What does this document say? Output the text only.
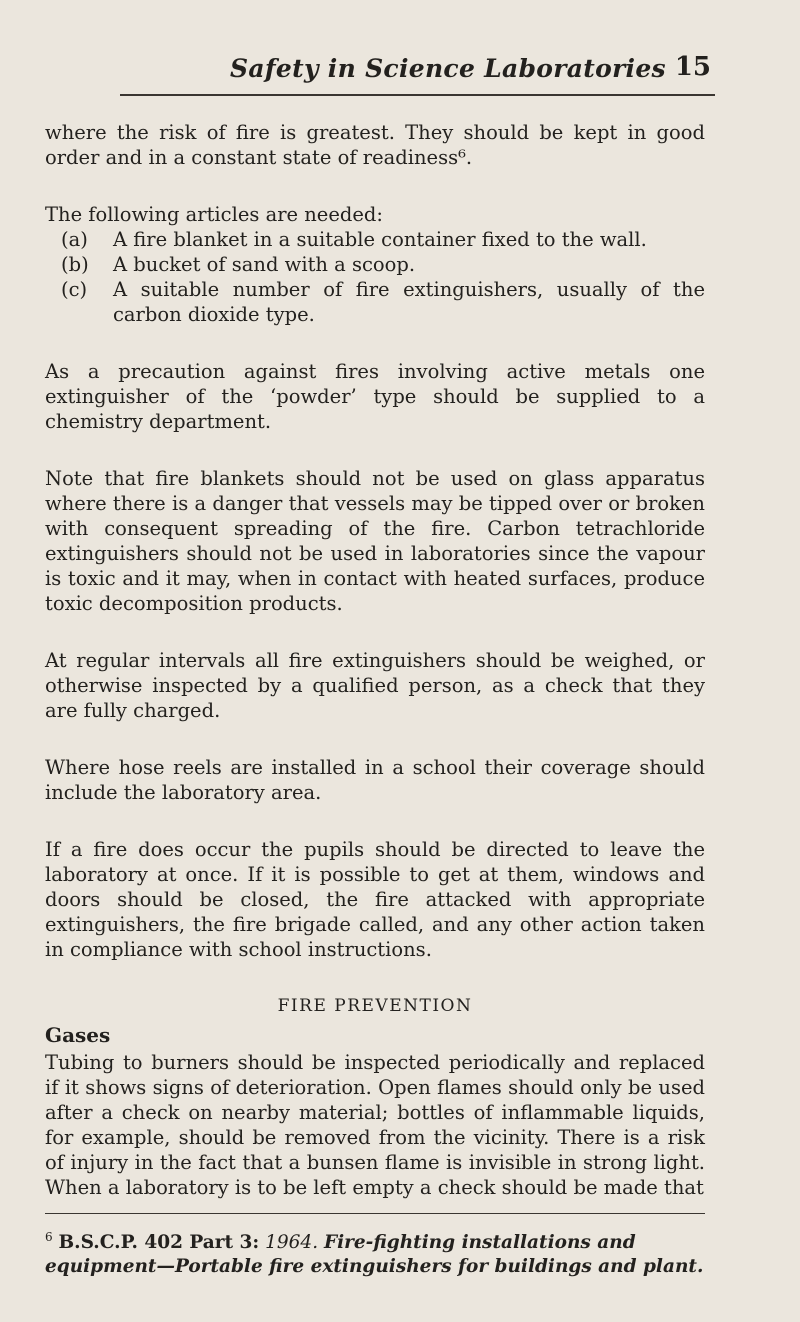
Safety in Science Laboratories 15

where the risk of fire is greatest. They should be kept in good order and in a constant state of readiness⁶.

The following articles are needed:

(a) A fire blanket in a suitable container fixed to the wall.
(b) A bucket of sand with a scoop.
(c) A suitable number of fire extinguishers, usually of the carbon dioxide type.

As a precaution against fires involving active metals one extinguisher of the ‘powder’ type should be supplied to a chemistry department.

Note that fire blankets should not be used on glass apparatus where there is a danger that vessels may be tipped over or broken with consequent spreading of the fire. Carbon tetrachloride extinguishers should not be used in laboratories since the vapour is toxic and it may, when in contact with heated surfaces, produce toxic decomposition products.

At regular intervals all fire extinguishers should be weighed, or otherwise inspected by a qualified person, as a check that they are fully charged.

Where hose reels are installed in a school their coverage should include the laboratory area.

If a fire does occur the pupils should be directed to leave the laboratory at once. If it is possible to get at them, windows and doors should be closed, the fire attacked with appropriate extinguishers, the fire brigade called, and any other action taken in compliance with school instructions.

FIRE PREVENTION
Gases

Tubing to burners should be inspected periodically and replaced if it shows signs of deterioration. Open flames should only be used after a check on nearby material; bottles of inflammable liquids, for example, should be removed from the vicinity. There is a risk of injury in the fact that a bunsen flame is invisible in strong light. When a laboratory is to be left empty a check should be made that

$^6$ B.S.C.P. 402 Part 3: 1964. Fire-fighting installations and equipment—Portable fire extinguishers for buildings and plant.
